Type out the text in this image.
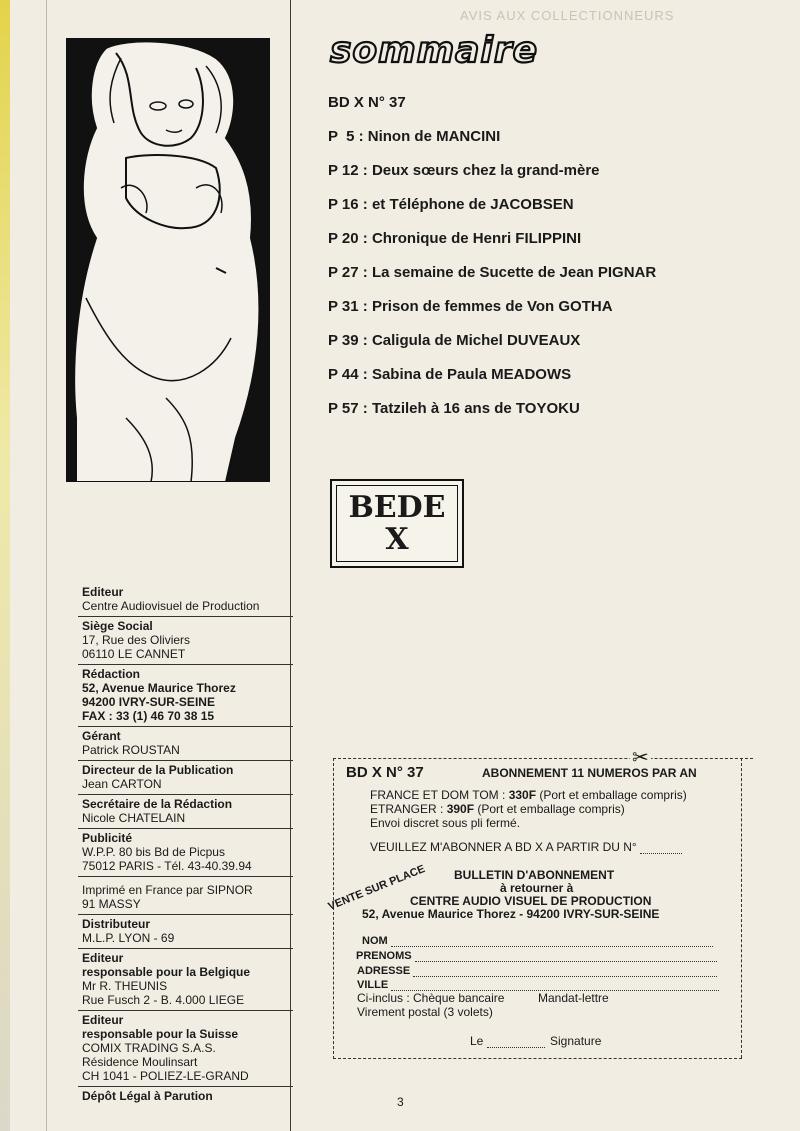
AVIS AUX COLLECTIONNEURS
Editeur
Centre Audiovisuel de Production
Siège Social
17, Rue des Oliviers
06110 LE CANNET
Rédaction
52, Avenue Maurice Thorez
94200 IVRY-SUR-SEINE
FAX : 33 (1) 46 70 38 15
Gérant
Patrick ROUSTAN
Directeur de la Publication
Jean CARTON
Secrétaire de la Rédaction
Nicole CHATELAIN
Publicité
W.P.P. 80 bis Bd de Picpus
75012 PARIS - Tél. 43-40.39.94
Imprimé en France par SIPNOR
91 MASSY
Distributeur
M.L.P. LYON - 69
Editeur
responsable pour la Belgique
Mr R. THEUNIS
Rue Fusch 2 - B. 4.000 LIEGE
Editeur
responsable pour la Suisse
COMIX TRADING S.A.S.
Résidence Moulinsart
CH 1041 - POLIEZ-LE-GRAND
Dépôt Légal à Parution
sommaire
BD X N° 37
P  5 : Ninon de MANCINI
P 12 : Deux sœurs chez la grand-mère
P 16 : et Téléphone de JACOBSEN
P 20 : Chronique de Henri FILIPPINI
P 27 : La semaine de Sucette de Jean PIGNAR
P 31 : Prison de femmes de Von GOTHA
P 39 : Caligula de Michel DUVEAUX
P 44 : Sabina de Paula MEADOWS
P 57 : Tatzileh à 16 ans de TOYOKU
BEDE
X
✂
BD X N° 37	ABONNEMENT 11 NUMEROS PAR AN
FRANCE ET DOM TOM : 330F (Port et emballage compris)
ETRANGER : 390F (Port et emballage compris)
Envoi discret sous pli fermé.
VEUILLEZ M'ABONNER A BD X A PARTIR DU N°
BULLETIN D'ABONNEMENT
à retourner à
CENTRE AUDIO VISUEL DE PRODUCTION
52, Avenue Maurice Thorez - 94200 IVRY-SUR-SEINE
VENTE SUR PLACE
NOM
PRENOMS
ADRESSE
VILLE
Ci-inclus : Chèque bancaire	Mandat-lettre
Virement postal (3 volets)
Le	Signature
3
